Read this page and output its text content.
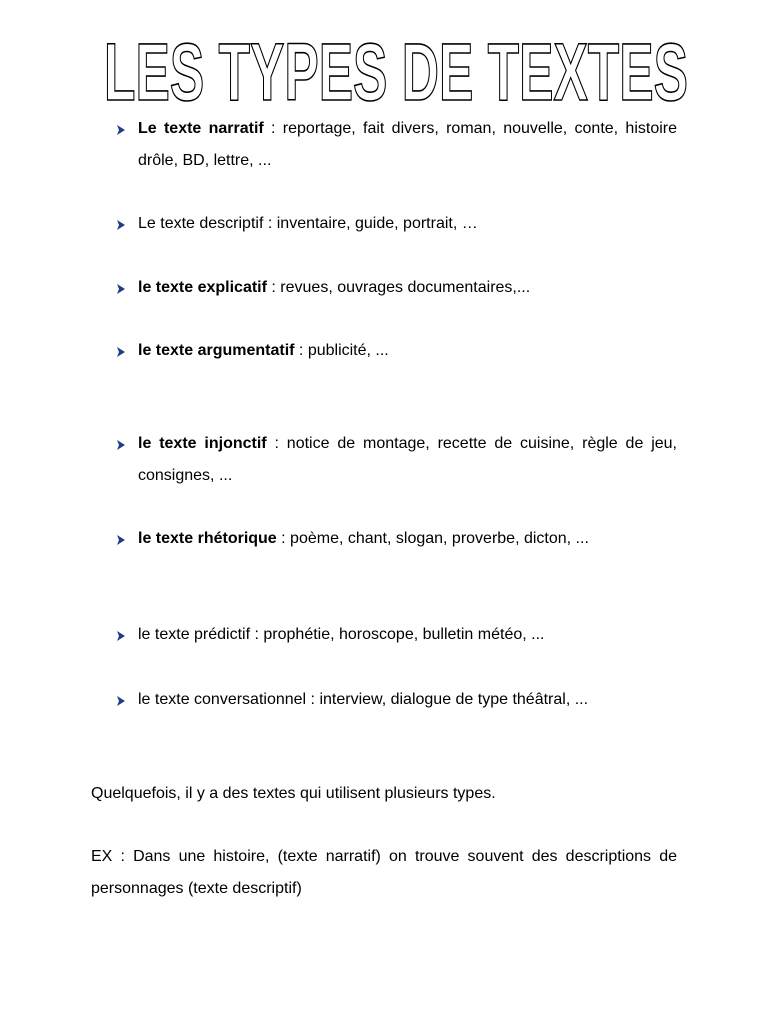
LES TYPES DE TEXTES
Le texte narratif : reportage, fait divers, roman, nouvelle, conte, histoire drôle, BD, lettre, ...
Le texte descriptif : inventaire, guide, portrait, …
le texte explicatif : revues, ouvrages documentaires,...
le texte argumentatif : publicité, ...
le texte injonctif : notice de montage, recette de cuisine, règle de jeu, consignes, ...
le texte rhétorique : poème, chant, slogan, proverbe, dicton, ...
le texte prédictif : prophétie, horoscope, bulletin météo, ...
le texte conversationnel : interview, dialogue de type théâtral, ...
Quelquefois, il y a des textes qui utilisent plusieurs types.
EX : Dans une histoire, (texte narratif) on trouve souvent des descriptions de personnages (texte descriptif)
